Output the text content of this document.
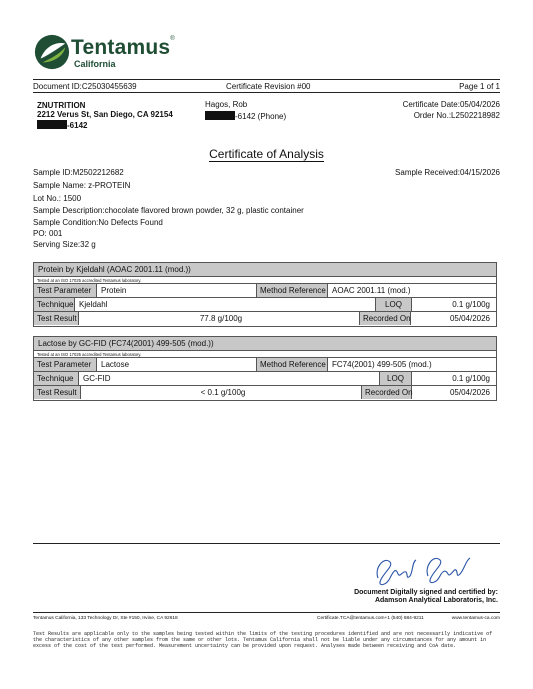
Tentamus®
California
Document ID:C25030455639	Certificate Revision #00	Page 1 of 1
ZNUTRITION
2212 Verus St, San Diego, CA 92154
-6142
Hagos, Rob
-6142 (Phone)
Certificate Date:05/04/2026
Order No.:L2502218982
Certificate of Analysis
Sample ID:M2502212682	Sample Received:04/15/2026
Sample Name: z-PROTEIN
Lot No.: 1500
Sample Description:chocolate flavored brown powder, 32 g, plastic container
Sample Condition:No Defects Found
PO: 001
Serving Size:32 g
Protein by Kjeldahl (AOAC 2001.11 (mod.))
Tested at an ISO 17025 accredited Tentamus laboratory.
Test Parameter	Protein	Method Reference AOAC 2001.11 (mod.)
Technique Kjeldahl	LOQ	0.1 g/100g
Test Result	77.8 g/100g	Recorded On	05/04/2026
Lactose by GC-FID (FC74(2001) 499-505 (mod.))
Tested at an ISO 17025 accredited Tentamus laboratory.
Test Parameter	Lactose	Method Reference FC74(2001) 499-505 (mod.)
Technique	GC-FID	LOQ	0.1 g/100g
Test Result	< 0.1 g/100g	Recorded On	05/04/2026
Document Digitally signed and certified by:
Adamson Analytical Laboratoris, Inc.
Tentamus California, 133 Technology Dr, Ste #150, Irvine, CA 92618	Certificate.TCA@tentamus.com+1 (540) 684-9211	www.tentamus-ca.com
Test Results are applicable only to the samples being tested within the limits of the testing procedures identified and are not necessarily indicative of the characteristics of any other samples from the same or other lots. Tentamus California shall not be liable under any circumstances for any amount in excess of the cost of the test performed. Measurement uncertainty can be provided upon request. Analyses made between receiving and CoA date.
